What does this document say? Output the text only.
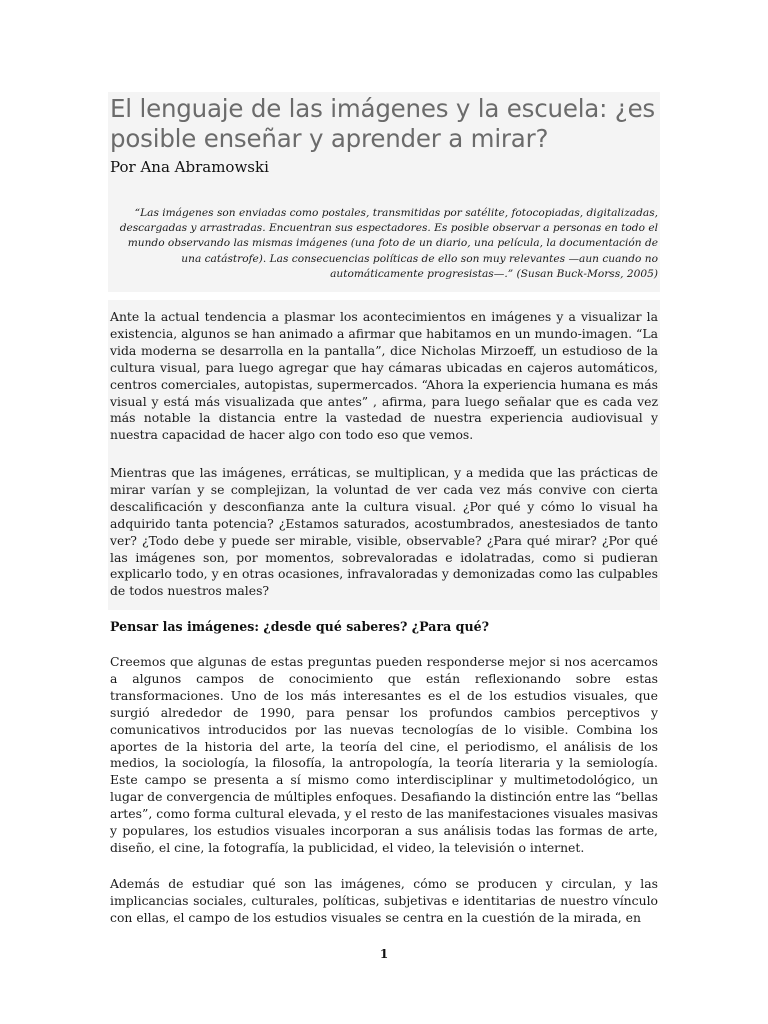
El lenguaje de las imágenes y la escuela: ¿es posible enseñar y aprender a mirar?
Por Ana Abramowski
“Las imágenes son enviadas como postales, transmitidas por satélite, fotocopiadas, digitalizadas, descargadas y arrastradas. Encuentran sus espectadores. Es posible observar a personas en todo el mundo observando las mismas imágenes (una foto de un diario, una película, la documentación de una catástrofe). Las consecuencias políticas de ello son muy relevantes —aun cuando no automáticamente progresistas—.” (Susan Buck-Morss, 2005)

Ante la actual tendencia a plasmar los acontecimientos en imágenes y a visualizar la existencia, algunos se han animado a afirmar que habitamos en un mundo-imagen. “La vida moderna se desarrolla en la pantalla”, dice Nicholas Mirzoeff, un estudioso de la cultura visual, para luego agregar que hay cámaras ubicadas en cajeros automáticos, centros comerciales, autopistas, supermercados. “Ahora la experiencia humana es más visual y está más visualizada que antes” , afirma, para luego señalar que es cada vez más notable la distancia entre la vastedad de nuestra experiencia audiovisual y nuestra capacidad de hacer algo con todo eso que vemos.

Mientras que las imágenes, erráticas, se multiplican, y a medida que las prácticas de mirar varían y se complejizan, la voluntad de ver cada vez más convive con cierta descalificación y desconfianza ante la cultura visual. ¿Por qué y cómo lo visual ha adquirido tanta potencia? ¿Estamos saturados, acostumbrados, anestesiados de tanto ver? ¿Todo debe y puede ser mirable, visible, observable? ¿Para qué mirar? ¿Por qué las imágenes son, por momentos, sobrevaloradas e idolatradas, como si pudieran explicarlo todo, y en otras ocasiones, infravaloradas y demonizadas como las culpables de todos nuestros males?

Pensar las imágenes: ¿desde qué saberes? ¿Para qué?

Creemos que algunas de estas preguntas pueden responderse mejor si nos acercamos a algunos campos de conocimiento que están reflexionando sobre estas transformaciones. Uno de los más interesantes es el de los estudios visuales, que surgió alrededor de 1990, para pensar los profundos cambios perceptivos y comunicativos introducidos por las nuevas tecnologías de lo visible. Combina los aportes de la historia del arte, la teoría del cine, el periodismo, el análisis de los medios, la sociología, la filosofía, la antropología, la teoría literaria y la semiología. Este campo se presenta a sí mismo como interdisciplinar y multimetodológico, un lugar de convergencia de múltiples enfoques. Desafiando la distinción entre las “bellas artes”, como forma cultural elevada, y el resto de las manifestaciones visuales masivas y populares, los estudios visuales incorporan a sus análisis todas las formas de arte, diseño, el cine, la fotografía, la publicidad, el video, la televisión o internet.

Además de estudiar qué son las imágenes, cómo se producen y circulan, y las implicancias sociales, culturales, políticas, subjetivas e identitarias de nuestro vínculo con ellas, el campo de los estudios visuales se centra en la cuestión de la mirada, en

1
